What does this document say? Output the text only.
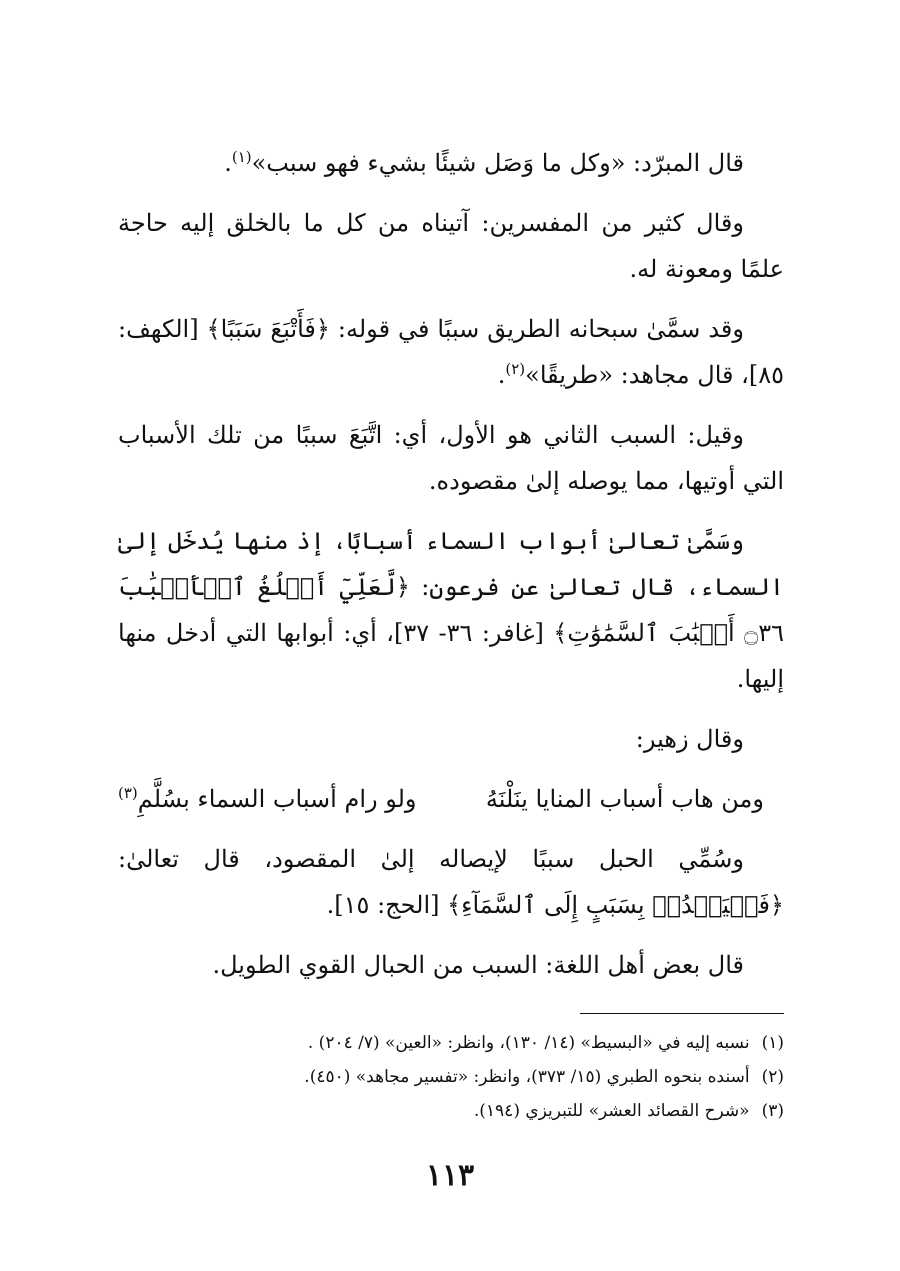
قال المبرّد: «وكل ما وَصَل شيئًا بشيء فهو سبب»$^{(١)}$.

وقال كثير من المفسرين: آتيناه من كل ما بالخلق إليه حاجة علمًا ومعونة له.

وقد سمَّىٰ سبحانه الطريق سببًا في قوله: ﴿فَأَتْبَعَ سَبَبًا﴾ [الكهف: ٨٥]، قال مجاهد: «طريقًا»$^{(٢)}$.

وقيل: السبب الثاني هو الأول، أي: اتَّبَعَ سببًا من تلك الأسباب التي أوتيها، مما يوصله إلىٰ مقصوده.

وسَمَّىٰ تعالىٰ أبواب السماء أسبابًا، إذ منها يُدخَل إلىٰ السماء، قال تعالىٰ عن فرعون: ﴿لَّعَلِّيٓ أَبۡلُغُ ٱلۡأَسۡبَٰبَ ۝٣٦ أَسۡبَٰبَ ٱلسَّمَٰوَٰتِ﴾ [غافر: ٣٦- ٣٧]، أي: أبوابها التي أدخل منها إليها.

وقال زهير:

ومن هاب أسباب المنايا ينَلْنَهُ
ولو رام أسباب السماء بسُلَّمِ$^{(٣)}$

وسُمِّي الحبل سببًا لإيصاله إلىٰ المقصود، قال تعالىٰ: ﴿فَلۡيَمۡدُدۡ بِسَبَبٍ إِلَى ٱلسَّمَآءِ﴾ [الحج: ١٥].

قال بعض أهل اللغة: السبب من الحبال القوي الطويل.

(١)
نسبه إليه في «البسيط» (١٤/ ١٣٠)، وانظر: «العين» (٧/ ٢٠٤) .
(٢)
أسنده بنحوه الطبري (١٥/ ٣٧٣)، وانظر: «تفسير مجاهد» (٤٥٠).
(٣)
«شرح القصائد العشر» للتبريزي (١٩٤).
١١٣
